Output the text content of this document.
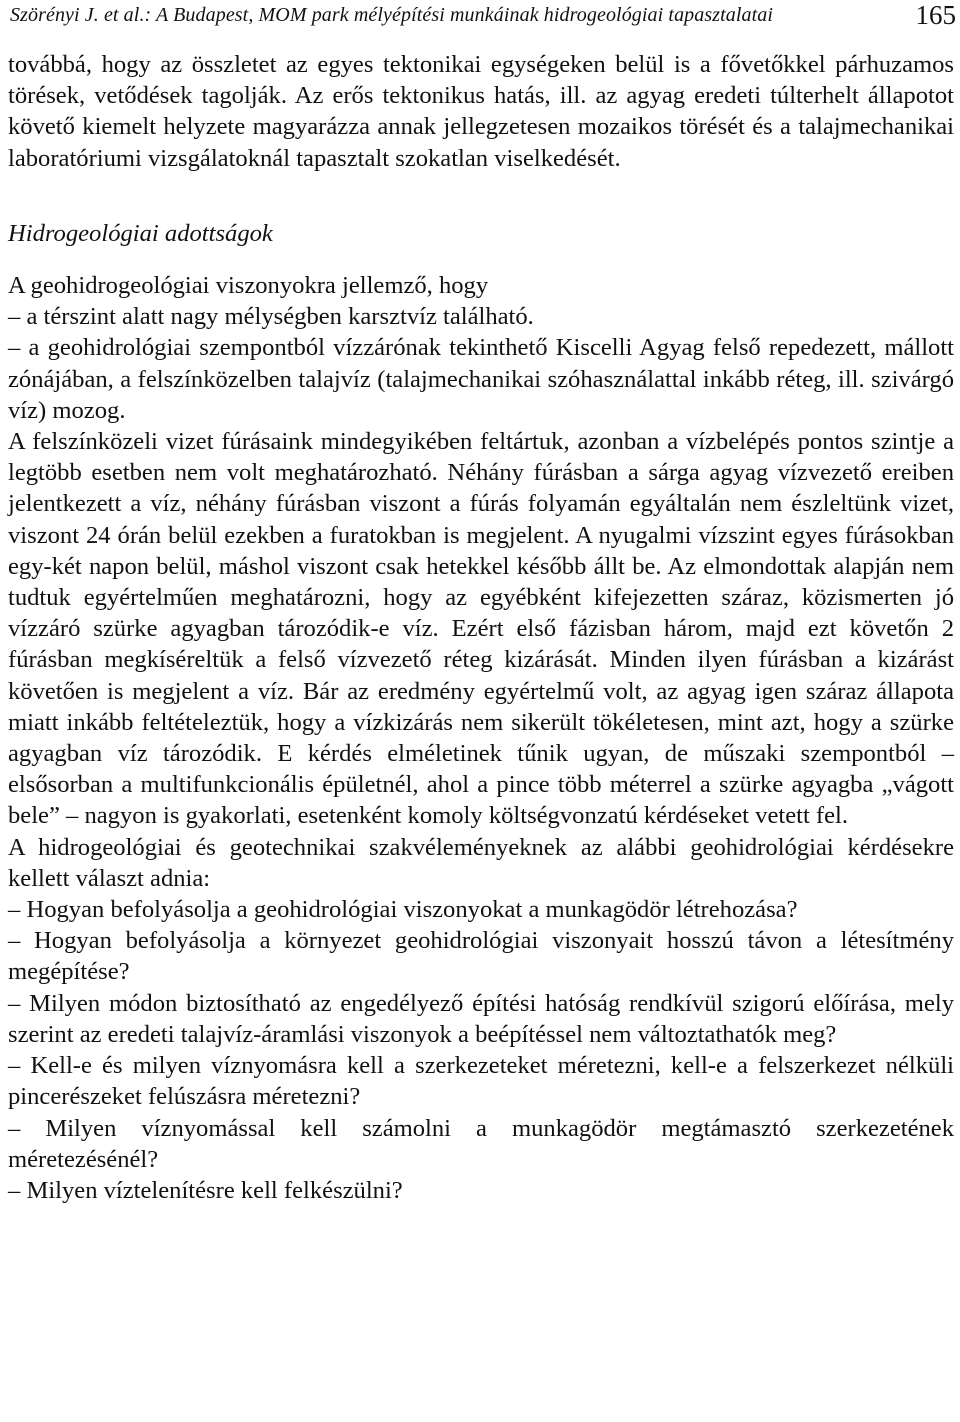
Szörényi J. et al.: A Budapest, MOM park mélyépítési munkáinak hidrogeológiai tapasztalatai	165

továbbá, hogy az összletet az egyes tektonikai egységeken belül is a fővetőkkel párhuzamos törések, vetődések tagolják. Az erős tektonikus hatás, ill. az agyag eredeti túlterhelt állapotot követő kiemelt helyzete magyarázza annak jellegzetesen mozaikos törését és a talajmechanikai laboratóriumi vizsgálatoknál tapasztalt szokatlan viselkedését.

Hidrogeológiai adottságok

A geohidrogeológiai viszonyokra jellemző, hogy

– a térszint alatt nagy mélységben karsztvíz található.

– a geohidrológiai szempontból vízzárónak tekinthető Kiscelli Agyag felső repedezett, mállott zónájában, a felszínközelben talajvíz (talajmechanikai szóhasználattal inkább réteg, ill. szivárgó víz) mozog.

A felszínközeli vizet fúrásaink mindegyikében feltártuk, azonban a vízbelépés pontos szintje a legtöbb esetben nem volt meghatározható. Néhány fúrásban a sárga agyag vízvezető ereiben jelentkezett a víz, néhány fúrásban viszont a fúrás folyamán egyáltalán nem észleltünk vizet, viszont 24 órán belül ezekben a furatokban is megjelent. A nyugalmi vízszint egyes fúrásokban egy-két napon belül, máshol viszont csak hetekkel később állt be. Az elmondottak alapján nem tudtuk egyértelműen meghatározni, hogy az egyébként kifejezetten száraz, közismerten jó vízzáró szürke agyagban tározódik-e víz. Ezért első fázisban három, majd ezt követőn 2 fúrásban megkíséreltük a felső vízvezető réteg kizárását. Minden ilyen fúrásban a kizárást követően is megjelent a víz. Bár az eredmény egyértelmű volt, az agyag igen száraz állapota miatt inkább feltételeztük, hogy a vízkizárás nem sikerült tökéletesen, mint azt, hogy a szürke agyagban víz tározódik. E kérdés elméletinek tűnik ugyan, de műszaki szempontból – elsősorban a multifunkcionális épületnél, ahol a pince több méterrel a szürke agyagba „vágott bele” – nagyon is gyakorlati, esetenként komoly költségvonzatú kérdéseket vetett fel.

A hidrogeológiai és geotechnikai szakvéleményeknek az alábbi geohidrológiai kérdésekre kellett választ adnia:

– Hogyan befolyásolja a geohidrológiai viszonyokat a munkagödör létrehozása?

– Hogyan befolyásolja a környezet geohidrológiai viszonyait hosszú távon a létesítmény megépítése?

– Milyen módon biztosítható az engedélyező építési hatóság rendkívül szigorú előírása, mely szerint az eredeti talajvíz-áramlási viszonyok a beépítéssel nem változtathatók meg?

– Kell-e és milyen víznyomásra kell a szerkezeteket méretezni, kell-e a felszerkezet nélküli pincerészeket felúszásra méretezni?

– Milyen víznyomással kell számolni a munkagödör megtámasztó szerkezetének méretezésénél?

– Milyen víztelenítésre kell felkészülni?
